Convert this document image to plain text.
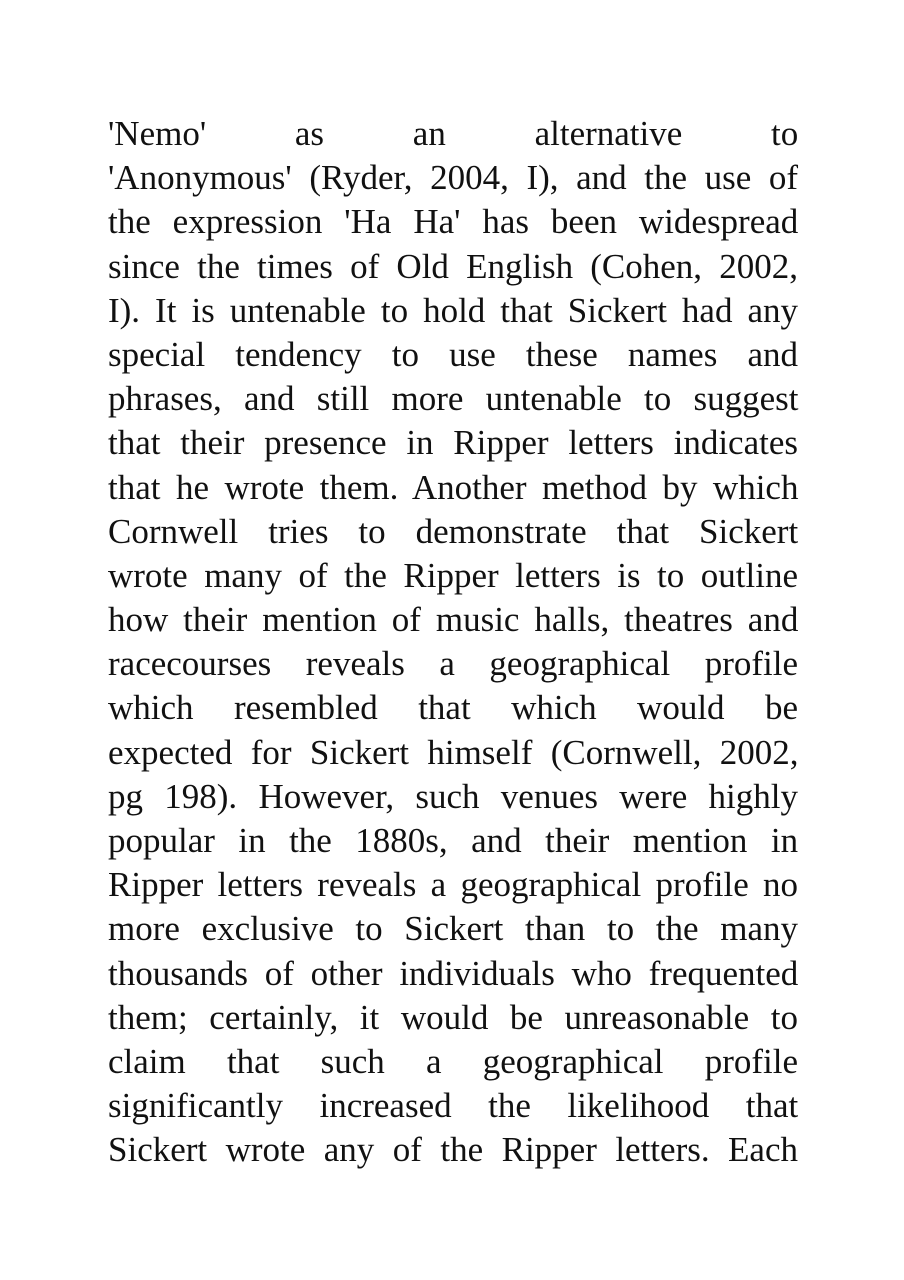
'Nemo' as an alternative to
'Anonymous' (Ryder, 2004, I), and the use of
the expression 'Ha Ha' has been widespread
since the times of Old English (Cohen, 2002,
I). It is untenable to hold that Sickert had any
special tendency to use these names and
phrases, and still more untenable to suggest
that their presence in Ripper letters indicates
that he wrote them. Another method by which
Cornwell tries to demonstrate that Sickert
wrote many of the Ripper letters is to outline
how their mention of music halls, theatres and
racecourses reveals a geographical profile
which resembled that which would be
expected for Sickert himself (Cornwell, 2002,
pg 198). However, such venues were highly
popular in the 1880s, and their mention in
Ripper letters reveals a geographical profile no
more exclusive to Sickert than to the many
thousands of other individuals who frequented
them; certainly, it would be unreasonable to
claim that such a geographical profile
significantly increased the likelihood that
Sickert wrote any of the Ripper letters. Each
